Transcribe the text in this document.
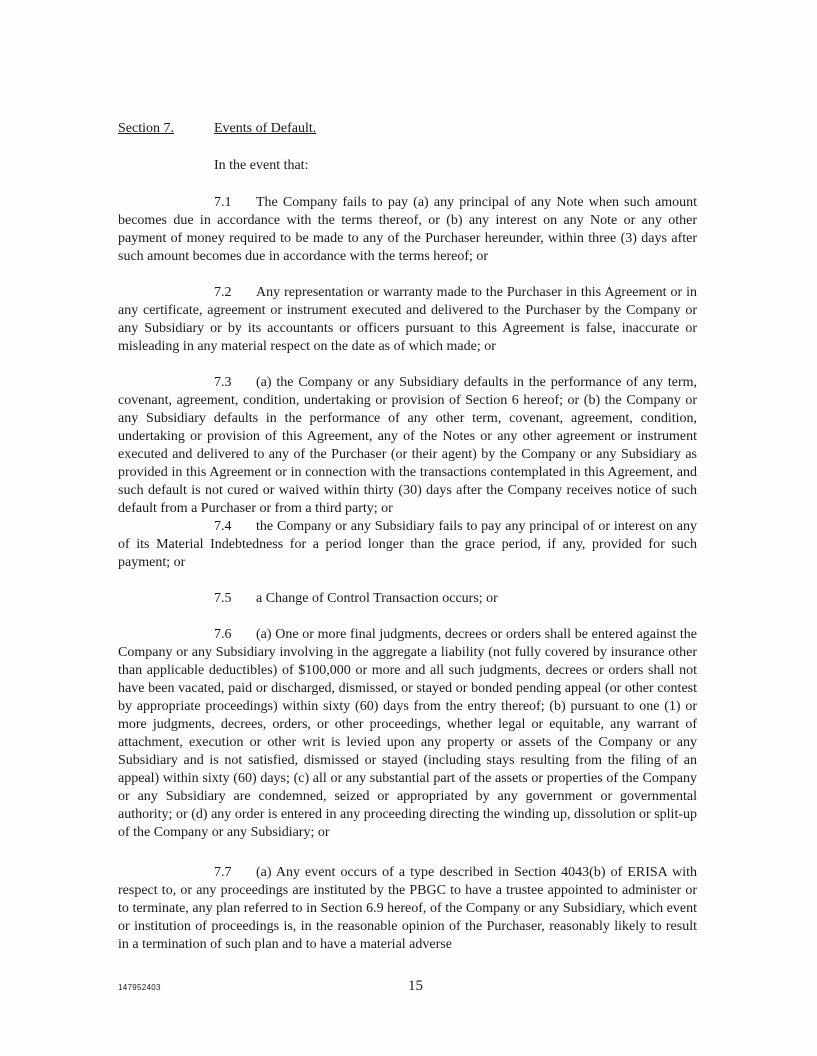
Section 7.	Events of Default.
In the event that:
7.1 The Company fails to pay (a) any principal of any Note when such amount becomes due in accordance with the terms thereof, or (b) any interest on any Note or any other payment of money required to be made to any of the Purchaser hereunder, within three (3) days after such amount becomes due in accordance with the terms hereof; or
7.2 Any representation or warranty made to the Purchaser in this Agreement or in any certificate, agreement or instrument executed and delivered to the Purchaser by the Company or any Subsidiary or by its accountants or officers pursuant to this Agreement is false, inaccurate or misleading in any material respect on the date as of which made; or
7.3 (a) the Company or any Subsidiary defaults in the performance of any term, covenant, agreement, condition, undertaking or provision of Section 6 hereof; or (b) the Company or any Subsidiary defaults in the performance of any other term, covenant, agreement, condition, undertaking or provision of this Agreement, any of the Notes or any other agreement or instrument executed and delivered to any of the Purchaser (or their agent) by the Company or any Subsidiary as provided in this Agreement or in connection with the transactions contemplated in this Agreement, and such default is not cured or waived within thirty (30) days after the Company receives notice of such default from a Purchaser or from a third party; or
7.4 the Company or any Subsidiary fails to pay any principal of or interest on any of its Material Indebtedness for a period longer than the grace period, if any, provided for such payment; or
7.5 a Change of Control Transaction occurs; or
7.6 (a) One or more final judgments, decrees or orders shall be entered against the Company or any Subsidiary involving in the aggregate a liability (not fully covered by insurance other than applicable deductibles) of $100,000 or more and all such judgments, decrees or orders shall not have been vacated, paid or discharged, dismissed, or stayed or bonded pending appeal (or other contest by appropriate proceedings) within sixty (60) days from the entry thereof; (b) pursuant to one (1) or more judgments, decrees, orders, or other proceedings, whether legal or equitable, any warrant of attachment, execution or other writ is levied upon any property or assets of the Company or any Subsidiary and is not satisfied, dismissed or stayed (including stays resulting from the filing of an appeal) within sixty (60) days; (c) all or any substantial part of the assets or properties of the Company or any Subsidiary are condemned, seized or appropriated by any government or governmental authority; or (d) any order is entered in any proceeding directing the winding up, dissolution or split-up of the Company or any Subsidiary; or
7.7 (a) Any event occurs of a type described in Section 4043(b) of ERISA with respect to, or any proceedings are instituted by the PBGC to have a trustee appointed to administer or to terminate, any plan referred to in Section 6.9 hereof, of the Company or any Subsidiary, which event or institution of proceedings is, in the reasonable opinion of the Purchaser, reasonably likely to result in a termination of such plan and to have a material adverse
147952403	15
